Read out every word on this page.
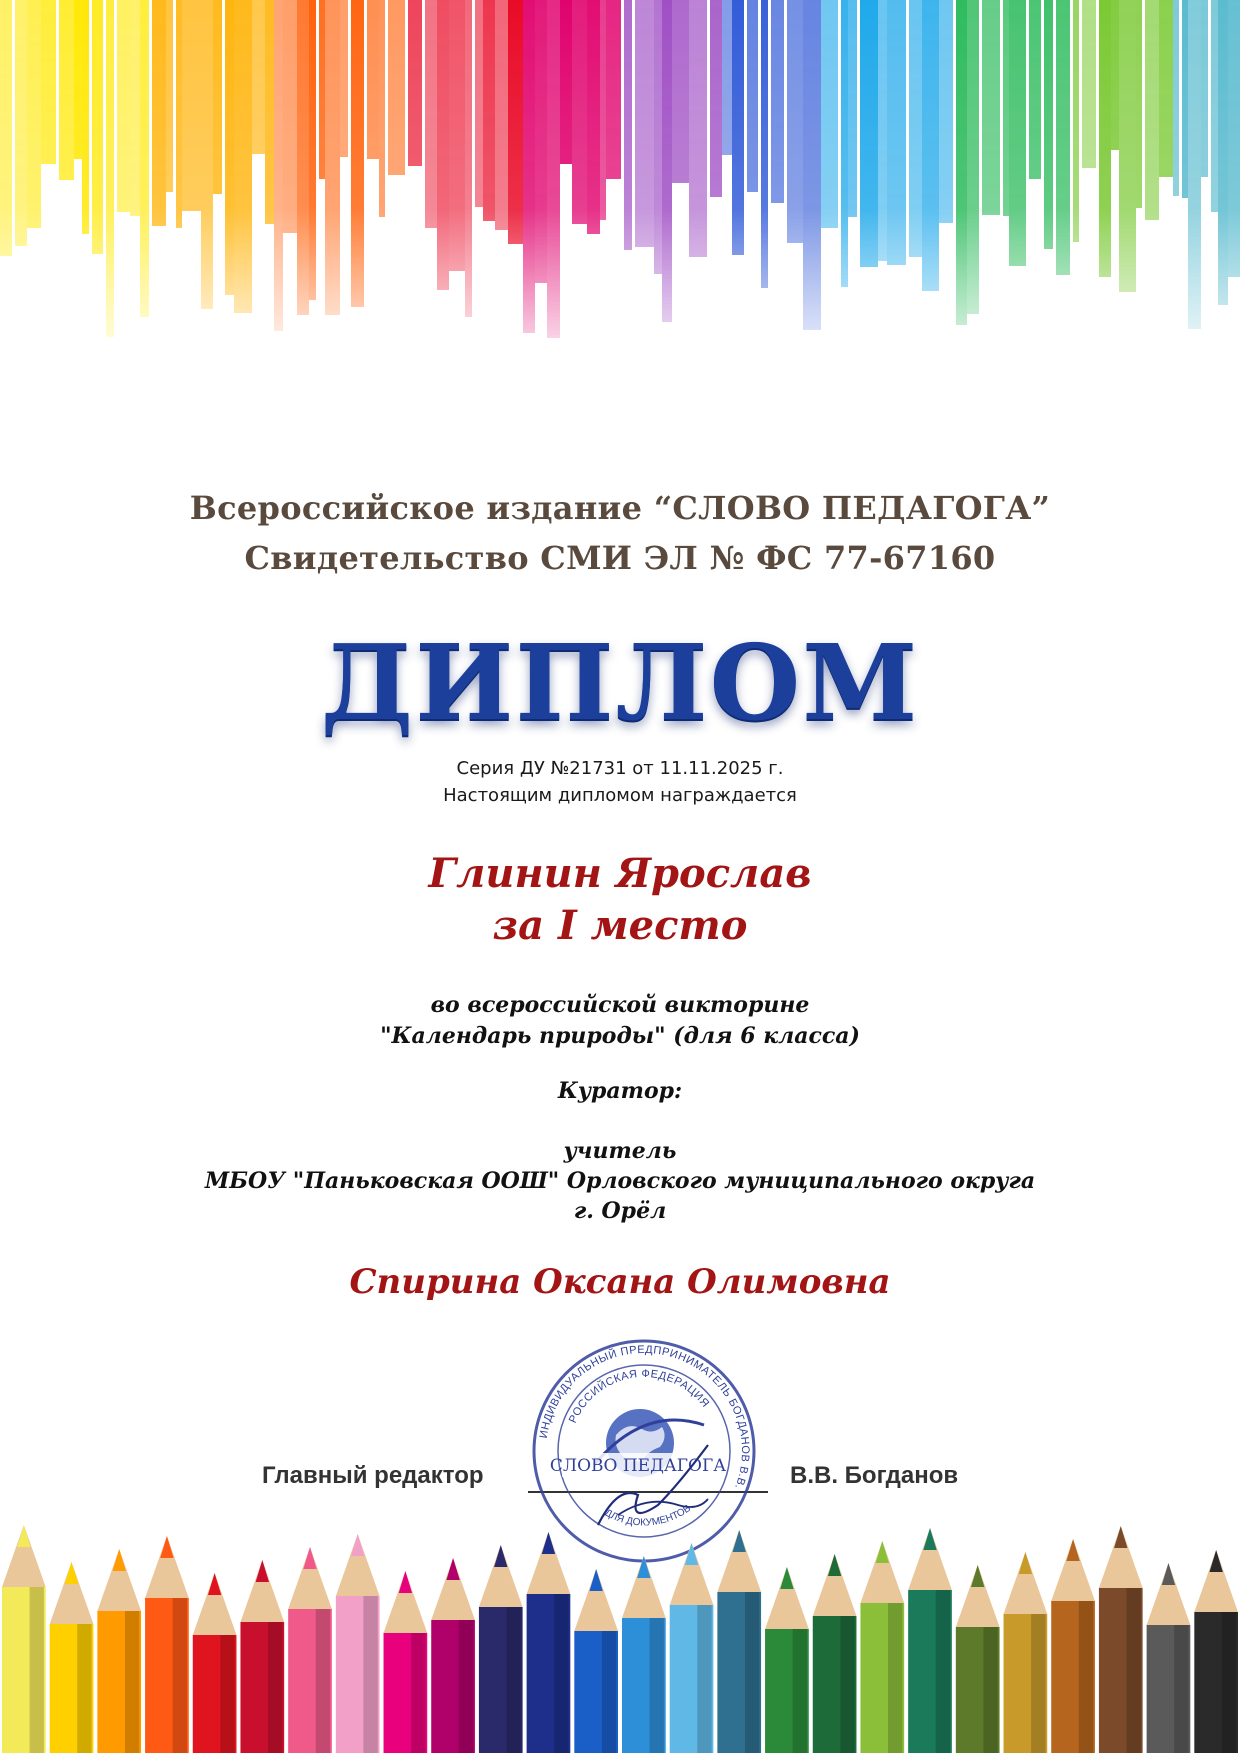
Всероссийское издание “СЛОВО ПЕДАГОГА”
Свидетельство СМИ ЭЛ № ФС 77-67160
ДИПЛОМ
Серия ДУ №21731 от 11.11.2025 г.
Настоящим дипломом награждается
Глинин Ярослав
за I место
во всероссийской викторине
"Календарь природы" (для 6 класса)
Куратор:
учитель
МБОУ "Паньковская ООШ" Орловского муниципального округа
г. Орёл
Спирина Оксана Олимовна
Главный редактор	В.В. Богданов
ИНДИВИДУАЛЬНЫЙ ПРЕДПРИНИМАТЕЛЬ БОГДАНОВ В.В.
РОССИЙСКАЯ ФЕДЕРАЦИЯ
СЛОВО ПЕДАГОГА
ДЛЯ ДОКУМЕНТОВ
